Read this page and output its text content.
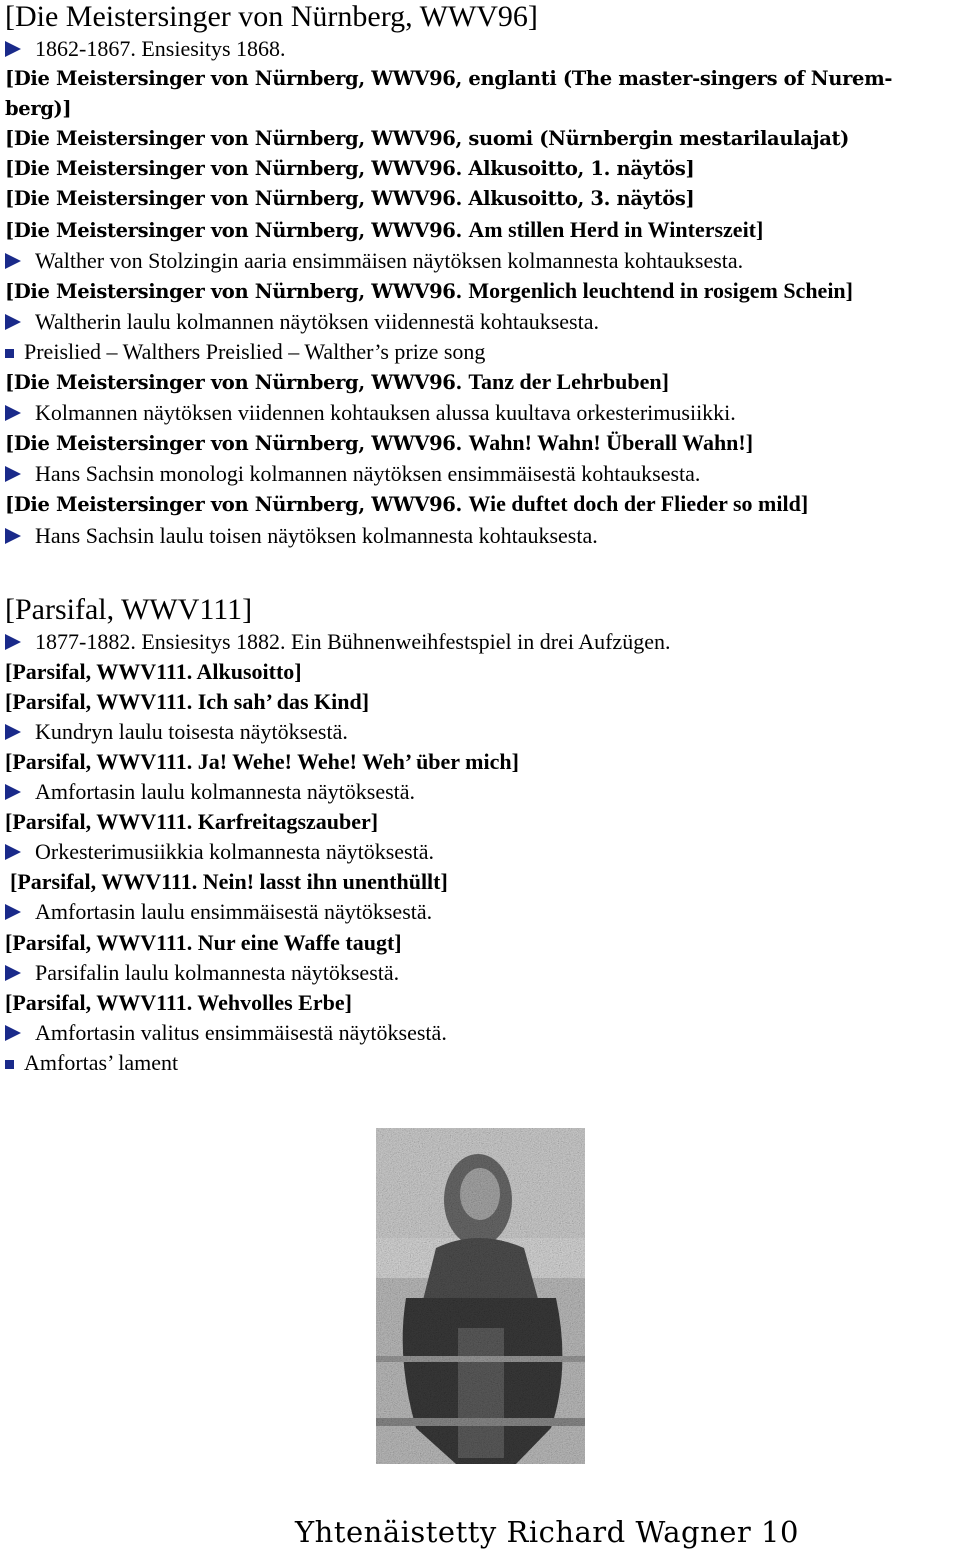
[Die Meistersinger von Nürnberg, WWV96]
1862-1867. Ensiesitys 1868.
[Die Meistersinger von Nürnberg, WWV96, englanti (The master-singers of Nurem-berg)]
[Die Meistersinger von Nürnberg, WWV96, suomi (Nürnbergin mestarilaulajat)
[Die Meistersinger von Nürnberg, WWV96. Alkusoitto, 1. näytös]
[Die Meistersinger von Nürnberg, WWV96. Alkusoitto, 3. näytös]
[Die Meistersinger von Nürnberg, WWV96. Am stillen Herd in Winterszeit]
Walther von Stolzingin aaria ensimmäisen näytöksen kolmannesta kohtauksesta.
[Die Meistersinger von Nürnberg, WWV96. Morgenlich leuchtend in rosigem Schein]
Waltherin laulu kolmannen näytöksen viidennestä kohtauksesta.
Preislied – Walthers Preislied – Walther’s prize song
[Die Meistersinger von Nürnberg, WWV96. Tanz der Lehrbuben]
Kolmannen näytöksen viidennen kohtauksen alussa kuultava orkesterimusiikki.
[Die Meistersinger von Nürnberg, WWV96. Wahn! Wahn! Überall Wahn!]
Hans Sachsin monologi kolmannen näytöksen ensimmäisestä kohtauksesta.
[Die Meistersinger von Nürnberg, WWV96. Wie duftet doch der Flieder so mild]
Hans Sachsin laulu toisen näytöksen kolmannesta kohtauksesta.
[Parsifal, WWV111]
1877-1882. Ensiesitys 1882. Ein Bühnenweihfestspiel in drei Aufzügen.
[Parsifal, WWV111. Alkusoitto]
[Parsifal, WWV111. Ich sah’ das Kind]
Kundryn laulu toisesta näytöksestä.
[Parsifal, WWV111. Ja! Wehe! Wehe! Weh’ über mich]
Amfortasin laulu kolmannesta näytöksestä.
[Parsifal, WWV111. Karfreitagszauber]
Orkesterimusiikkia kolmannesta näytöksestä.
[Parsifal, WWV111. Nein! lasst ihn unenthüllt]
Amfortasin laulu ensimmäisestä näytöksestä.
[Parsifal, WWV111. Nur eine Waffe taugt]
Parsifalin laulu kolmannesta näytöksestä.
[Parsifal, WWV111. Wehvolles Erbe]
Amfortasin valitus ensimmäisestä näytöksestä.
Amfortas’ lament
Yhtenäistetty Richard Wagner 10
